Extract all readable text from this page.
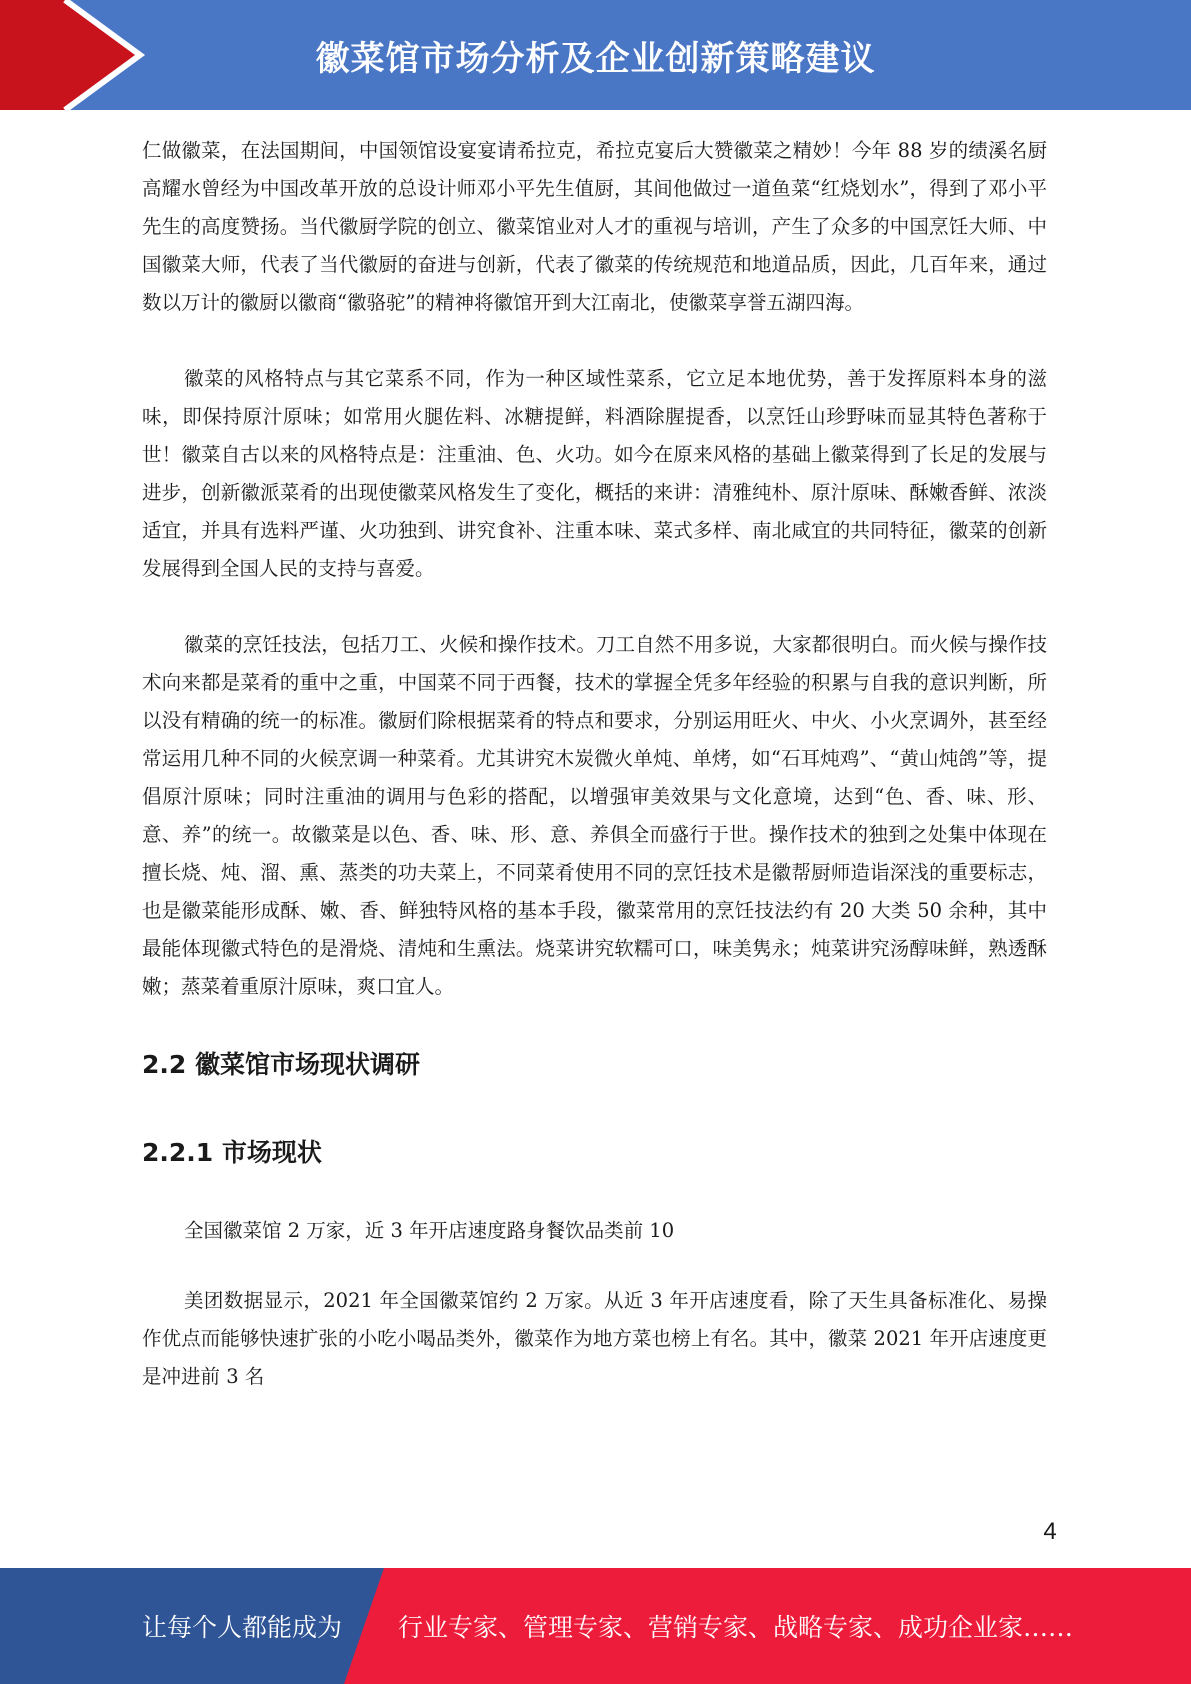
徽菜馆市场分析及企业创新策略建议

仁做徽菜，在法国期间，中国领馆设宴宴请希拉克，希拉克宴后大赞徽菜之精妙！今年 88 岁的绩溪名厨高耀水曾经为中国改革开放的总设计师邓小平先生值厨，其间他做过一道鱼菜“红烧划水”，得到了邓小平先生的高度赞扬。当代徽厨学院的创立、徽菜馆业对人才的重视与培训，产生了众多的中国烹饪大师、中国徽菜大师，代表了当代徽厨的奋进与创新，代表了徽菜的传统规范和地道品质，因此，几百年来，通过数以万计的徽厨以徽商“徽骆驼”的精神将徽馆开到大江南北，使徽菜享誉五湖四海。

徽菜的风格特点与其它菜系不同，作为一种区域性菜系，它立足本地优势，善于发挥原料本身的滋味，即保持原汁原味；如常用火腿佐料、冰糖提鲜，料酒除腥提香，以烹饪山珍野味而显其特色著称于世！徽菜自古以来的风格特点是：注重油、色、火功。如今在原来风格的基础上徽菜得到了长足的发展与进步，创新徽派菜肴的出现使徽菜风格发生了变化，概括的来讲：清雅纯朴、原汁原味、酥嫩香鲜、浓淡适宜，并具有选料严谨、火功独到、讲究食补、注重本味、菜式多样、南北咸宜的共同特征，徽菜的创新发展得到全国人民的支持与喜爱。

徽菜的烹饪技法，包括刀工、火候和操作技术。刀工自然不用多说，大家都很明白。而火候与操作技术向来都是菜肴的重中之重，中国菜不同于西餐，技术的掌握全凭多年经验的积累与自我的意识判断，所以没有精确的统一的标准。徽厨们除根据菜肴的特点和要求，分别运用旺火、中火、小火烹调外，甚至经常运用几种不同的火候烹调一种菜肴。尤其讲究木炭微火单炖、单烤，如“石耳炖鸡”、“黄山炖鸽”等，提倡原汁原味；同时注重油的调用与色彩的搭配，以增强审美效果与文化意境，达到“色、香、味、形、意、养”的统一。故徽菜是以色、香、味、形、意、养俱全而盛行于世。操作技术的独到之处集中体现在擅长烧、炖、溜、熏、蒸类的功夫菜上，不同菜肴使用不同的烹饪技术是徽帮厨师造诣深浅的重要标志，也是徽菜能形成酥、嫩、香、鲜独特风格的基本手段，徽菜常用的烹饪技法约有 20 大类 50 余种，其中最能体现徽式特色的是滑烧、清炖和生熏法。烧菜讲究软糯可口，味美隽永；炖菜讲究汤醇味鲜，熟透酥嫩；蒸菜着重原汁原味，爽口宜人。

2.2 徽菜馆市场现状调研
2.2.1 市场现状

全国徽菜馆 2 万家，近 3 年开店速度路身餐饮品类前 10

美团数据显示，2021 年全国徽菜馆约 2 万家。从近 3 年开店速度看，除了天生具备标准化、易操作优点而能够快速扩张的小吃小喝品类外，徽菜作为地方菜也榜上有名。其中，徽菜 2021 年开店速度更是冲进前 3 名

4
让每个人都能成为 行业专家、管理专家、营销专家、战略专家、成功企业家……
